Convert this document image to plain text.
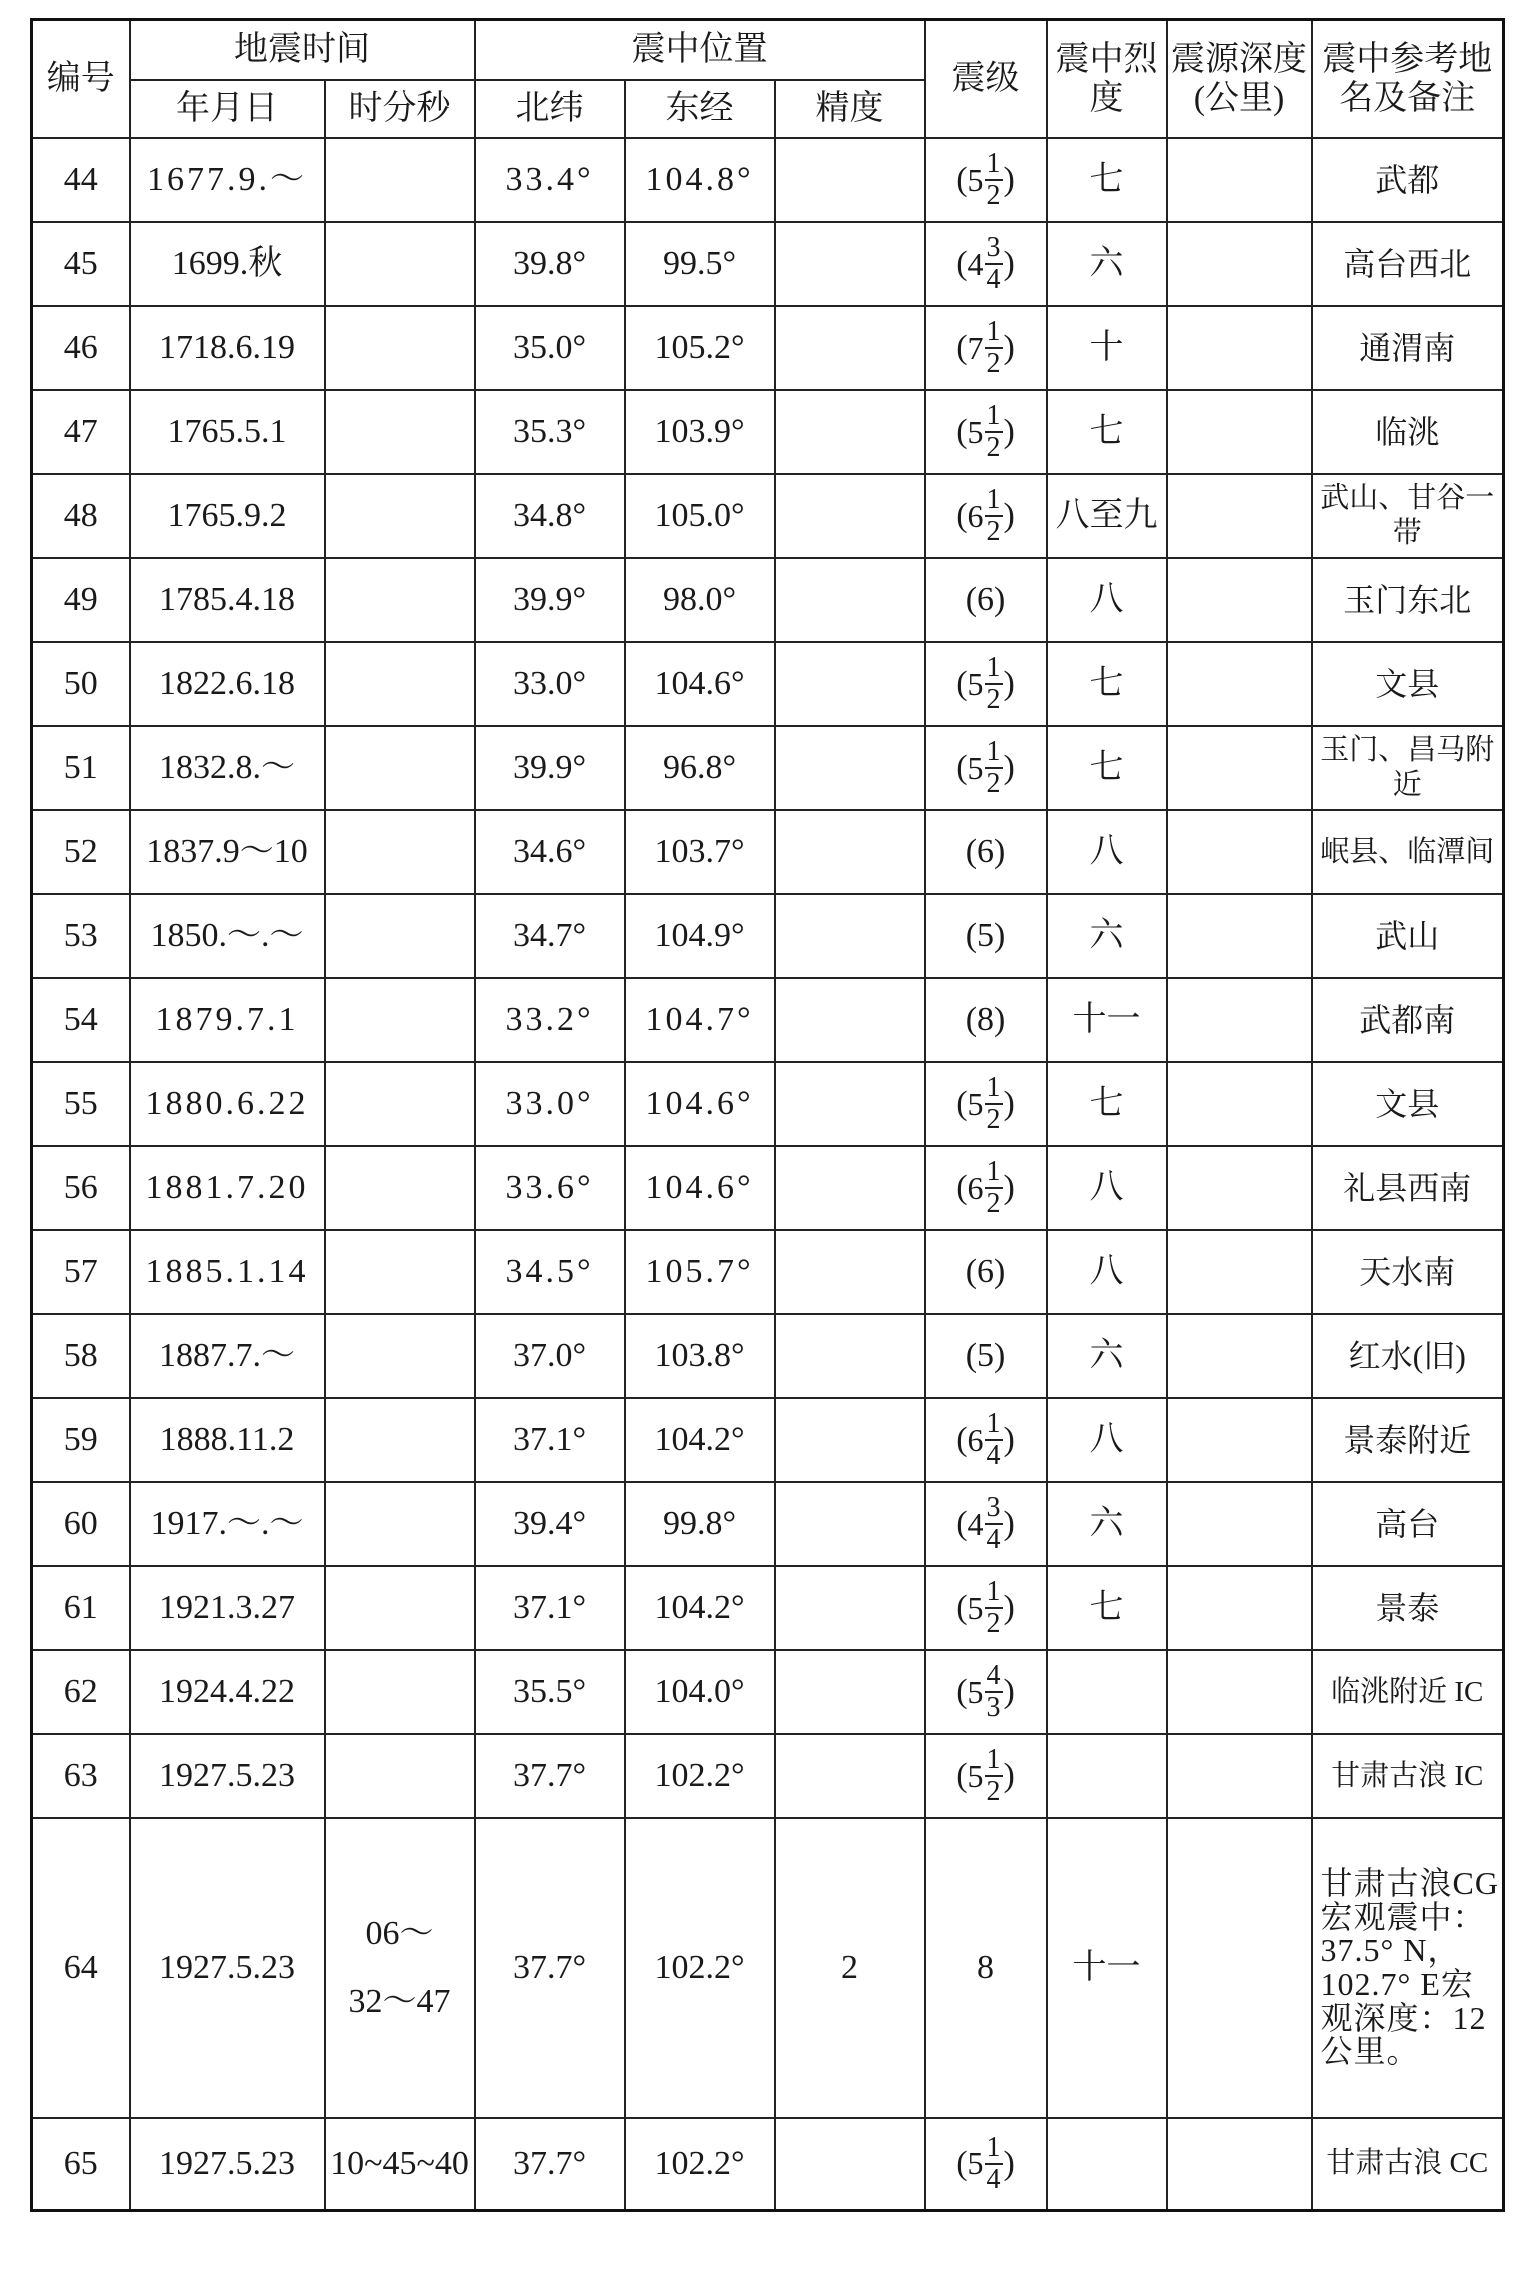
编号	地震时间		震中位置			震级	震中烈度	震源深度(公里)	震中参考地名及备注
	年月日	时分秒	北纬	东经	精度				
44	1677.9.～		33.4°	104.8°		( $5 \frac{1}{2}$ )	七		武都
45	1699.秋		39.8°	99.5°		( $4 \frac{3}{4}$ )	六		高台西北
46	1718.6.19		35.0°	105.2°		( $7 \frac{1}{2}$ )	十		通渭南
47	1765.5.1		35.3°	103.9°		( $5 \frac{1}{2}$ )	七		临洮
48	1765.9.2		34.8°	105.0°		( $6 \frac{1}{2}$ )	八至九		武山、甘谷一带
49	1785.4.18		39.9°	98.0°		(6)	八		玉门东北
50	1822.6.18		33.0°	104.6°		( $5 \frac{1}{2}$ )	七		文县
51	1832.8.～		39.9°	96.8°		( $5 \frac{1}{2}$ )	七		玉门、昌马附近
52	1837.9～10		34.6°	103.7°		(6)	八		岷县、临潭间
53	1850.～.～		34.7°	104.9°		(5)	六		武山
54	1879.7.1		33.2°	104.7°		(8)	十一		武都南
55	1880.6.22		33.0°	104.6°		( $5 \frac{1}{2}$ )	七		文县
56	1881.7.20		33.6°	104.6°		( $6 \frac{1}{2}$ )	八		礼县西南
57	1885.1.14		34.5°	105.7°		(6)	八		天水南
58	1887.7.～		37.0°	103.8°		(5)	六		红水(旧)
59	1888.11.2		37.1°	104.2°		( $6 \frac{1}{4}$ )	八		景泰附近
60	1917.～.～		39.4°	99.8°		( $4 \frac{3}{4}$ )	六		高台
61	1921.3.27		37.1°	104.2°		( $5 \frac{1}{2}$ )	七		景泰
62	1924.4.22		35.5°	104.0°		( $5 \frac{4}{3}$ )			临洮附近 IC
63	1927.5.23		37.7°	102.2°		( $5 \frac{1}{2}$ )			甘肃古浪 IC
64	1927.5.23	06～
32～47	37.7°	102.2°	2	8	十一		甘肃古浪CG宏观震中：37.5° N，102.7° E宏观深度：12 公里。
65	1927.5.23	10~45~40	37.7°	102.2°		( $5 \frac{1}{4}$ )			甘肃古浪 CC
